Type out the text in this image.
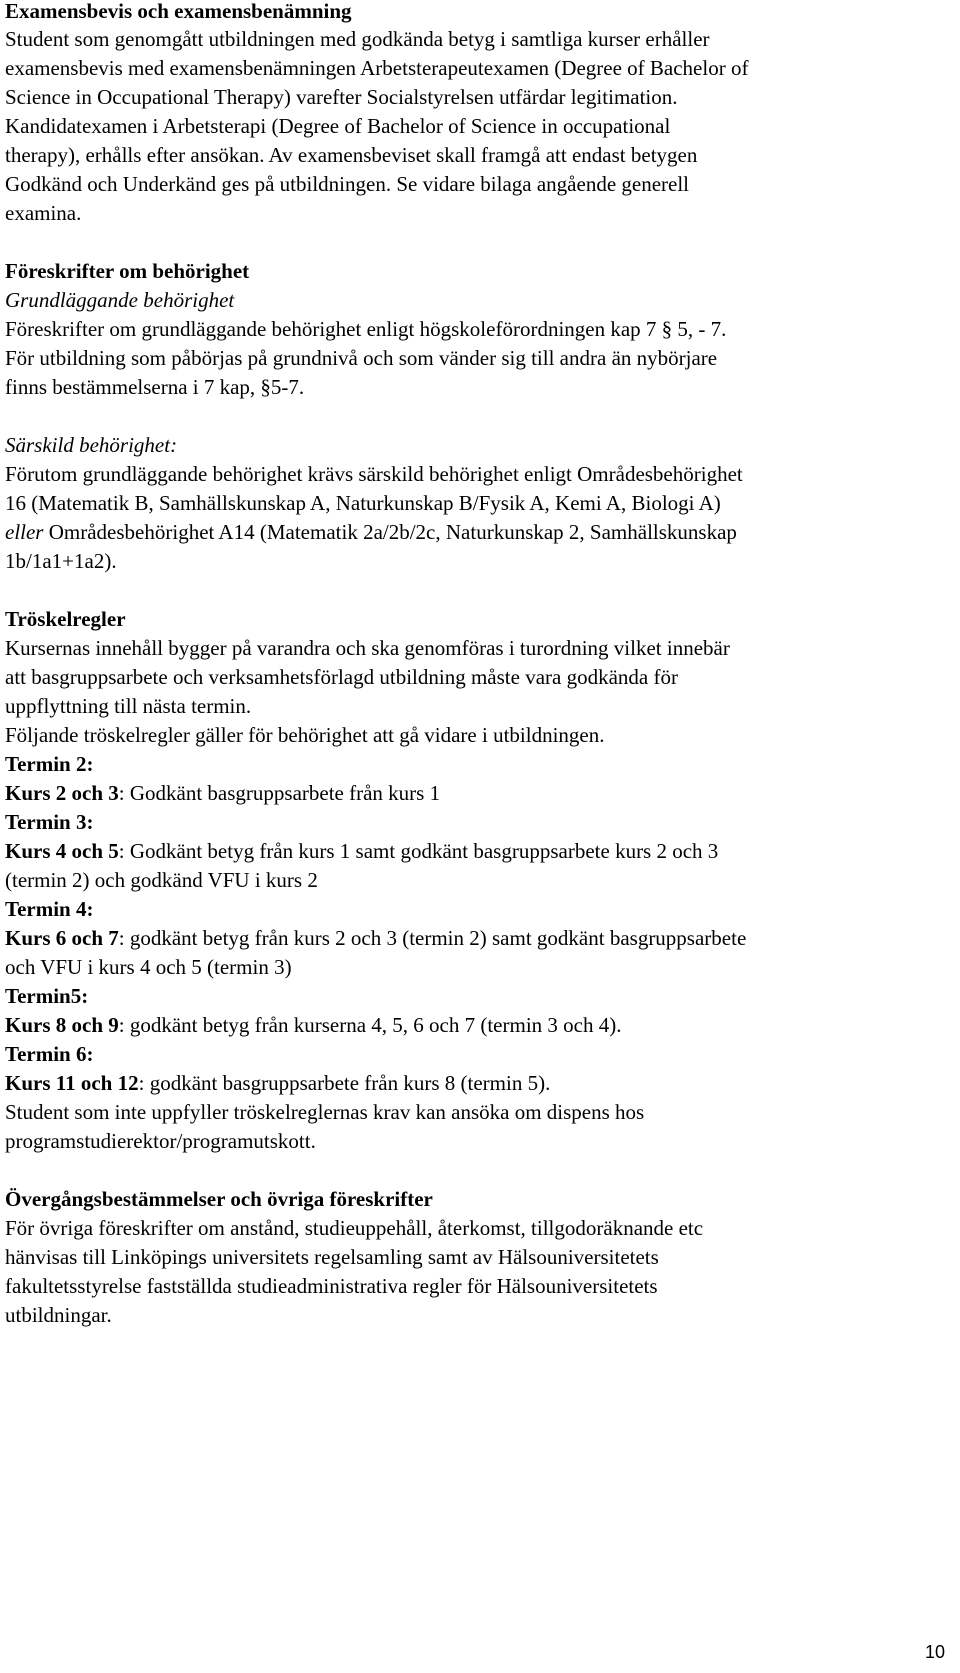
Examensbevis och examensbenämning
Student som genomgått utbildningen med godkända betyg i samtliga kurser erhåller
examensbevis med examensbenämningen Arbetsterapeutexamen (Degree of Bachelor of
Science in Occupational Therapy) varefter Socialstyrelsen utfärdar legitimation.
Kandidatexamen i Arbetsterapi (Degree of Bachelor of Science in occupational
therapy), erhålls efter ansökan. Av examensbeviset skall framgå att endast betygen
Godkänd och Underkänd ges på utbildningen. Se vidare bilaga angående generell
examina.
Föreskrifter om behörighet
Grundläggande behörighet
Föreskrifter om grundläggande behörighet enligt högskoleförordningen kap 7 § 5, - 7.
För utbildning som påbörjas på grundnivå och som vänder sig till andra än nybörjare
finns bestämmelserna i 7 kap, §5-7.
Särskild behörighet:
Förutom grundläggande behörighet krävs särskild behörighet enligt Områdesbehörighet
16 (Matematik B, Samhällskunskap A, Naturkunskap B/Fysik A, Kemi A, Biologi A)
eller Områdesbehörighet A14 (Matematik 2a/2b/2c, Naturkunskap 2, Samhällskunskap
1b/1a1+1a2).
Tröskelregler
Kursernas innehåll bygger på varandra och ska genomföras i turordning vilket innebär
att basgruppsarbete och verksamhetsförlagd utbildning måste vara godkända för
uppflyttning till nästa termin.
Följande tröskelregler gäller för behörighet att gå vidare i utbildningen.
Termin 2:
Kurs 2 och 3: Godkänt basgruppsarbete från kurs 1
Termin 3:
Kurs 4 och 5: Godkänt betyg från kurs 1 samt godkänt basgruppsarbete kurs 2 och 3
(termin 2) och godkänd VFU i kurs 2
Termin 4:
Kurs 6 och 7: godkänt betyg från kurs 2 och 3 (termin 2) samt godkänt basgruppsarbete
och VFU i kurs 4 och 5 (termin 3)
Termin5:
Kurs 8 och 9: godkänt betyg från kurserna 4, 5, 6 och 7 (termin 3 och 4).
Termin 6:
Kurs 11 och 12: godkänt basgruppsarbete från kurs 8 (termin 5).
Student som inte uppfyller tröskelreglernas krav kan ansöka om dispens hos
programstudierektor/programutskott.
Övergångsbestämmelser och övriga föreskrifter
För övriga föreskrifter om anstånd, studieuppehåll, återkomst, tillgodoräknande etc
hänvisas till Linköpings universitets regelsamling samt av Hälsouniversitetets
fakultetsstyrelse fastställda studieadministrativa regler för Hälsouniversitetets
utbildningar.
10
